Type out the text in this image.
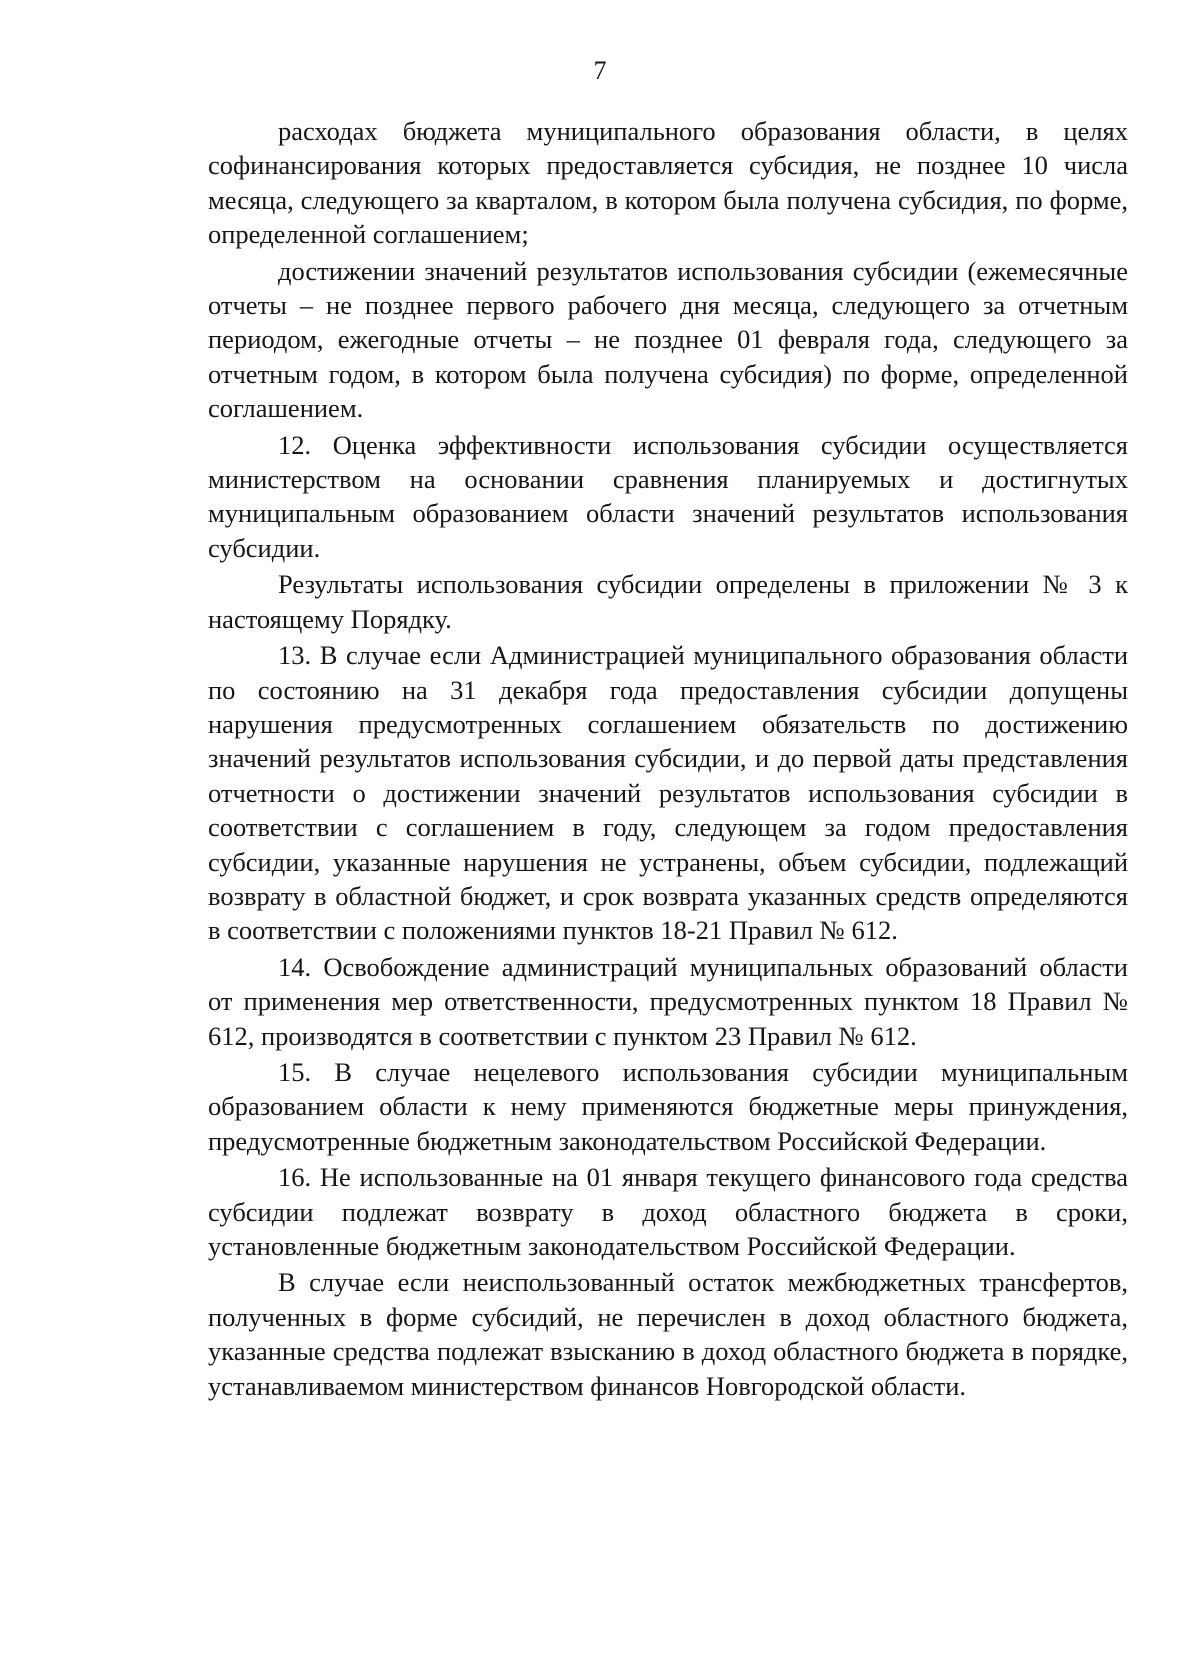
7

расходах бюджета муниципального образования области, в целях софинансирования которых предоставляется субсидия, не позднее 10 числа месяца, следующего за кварталом, в котором была получена субсидия, по форме, определенной соглашением;

достижении значений результатов использования субсидии (ежемесячные отчеты – не позднее первого рабочего дня месяца, следующего за отчетным периодом, ежегодные отчеты – не позднее 01 февраля года, следующего за отчетным годом, в котором была получена субсидия) по форме, определенной соглашением.

12. Оценка эффективности использования субсидии осуществляется министерством на основании сравнения планируемых и достигнутых муниципальным образованием области значений результатов использования субсидии.

Результаты использования субсидии определены в приложении № 3 к настоящему Порядку.

13. В случае если Администрацией муниципального образования области по состоянию на 31 декабря года предоставления субсидии допущены нарушения предусмотренных соглашением обязательств по достижению значений результатов использования субсидии, и до первой даты представления отчетности о достижении значений результатов использования субсидии в соответствии с соглашением в году, следующем за годом предоставления субсидии, указанные нарушения не устранены, объем субсидии, подлежащий возврату в областной бюджет, и срок возврата указанных средств определяются в соответствии с положениями пунктов 18-21 Правил № 612.

14. Освобождение администраций муниципальных образований области от применения мер ответственности, предусмотренных пунктом 18 Правил № 612, производятся в соответствии с пунктом 23 Правил № 612.

15. В случае нецелевого использования субсидии муниципальным образованием области к нему применяются бюджетные меры принуждения, предусмотренные бюджетным законодательством Российской Федерации.

16. Не использованные на 01 января текущего финансового года средства субсидии подлежат возврату в доход областного бюджета в сроки, установленные бюджетным законодательством Российской Федерации.

В случае если неиспользованный остаток межбюджетных трансфертов, полученных в форме субсидий, не перечислен в доход областного бюджета, указанные средства подлежат взысканию в доход областного бюджета в порядке, устанавливаемом министерством финансов Новгородской области.
